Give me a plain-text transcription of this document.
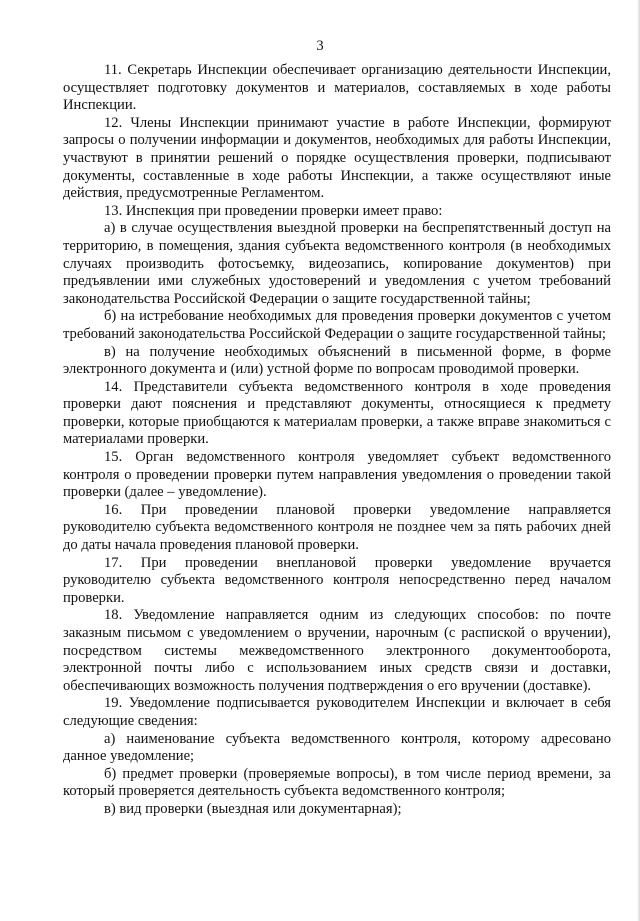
3

11. Секретарь Инспекции обеспечивает организацию деятельности Инспекции, осуществляет подготовку документов и материалов, составляемых в ходе работы Инспекции.

12. Члены Инспекции принимают участие в работе Инспекции, формируют запросы о получении информации и документов, необходимых для работы Инспекции, участвуют в принятии решений о порядке осуществления проверки, подписывают документы, составленные в ходе работы Инспекции, а также осуществляют иные действия, предусмотренные Регламентом.

13. Инспекция при проведении проверки имеет право:

а) в случае осуществления выездной проверки на беспрепятственный доступ на территорию, в помещения, здания субъекта ведомственного контроля (в необходимых случаях производить фотосъемку, видеозапись, копирование документов) при предъявлении ими служебных удостоверений и уведомления с учетом требований законодательства Российской Федерации о защите государственной тайны;

б) на истребование необходимых для проведения проверки документов с учетом требований законодательства Российской Федерации о защите государственной тайны;

в) на получение необходимых объяснений в письменной форме, в форме электронного документа и (или) устной форме по вопросам проводимой проверки.

14. Представители субъекта ведомственного контроля в ходе проведения проверки дают пояснения и представляют документы, относящиеся к предмету проверки, которые приобщаются к материалам проверки, а также вправе знакомиться с материалами проверки.

15. Орган ведомственного контроля уведомляет субъект ведомственного контроля о проведении проверки путем направления уведомления о проведении такой проверки (далее – уведомление).

16. При проведении плановой проверки уведомление направляется руководителю субъекта ведомственного контроля не позднее чем за пять рабочих дней до даты начала проведения плановой проверки.

17. При проведении внеплановой проверки уведомление вручается руководителю субъекта ведомственного контроля непосредственно перед началом проверки.

18. Уведомление направляется одним из следующих способов: по почте заказным письмом с уведомлением о вручении, нарочным (с распиской о вручении), посредством системы межведомственного электронного документооборота, электронной почты либо с использованием иных средств связи и доставки, обеспечивающих возможность получения подтверждения о его вручении (доставке).

19. Уведомление подписывается руководителем Инспекции и включает в себя следующие сведения:

а) наименование субъекта ведомственного контроля, которому адресовано данное уведомление;

б) предмет проверки (проверяемые вопросы), в том числе период времени, за который проверяется деятельность субъекта ведомственного контроля;

в) вид проверки (выездная или документарная);
